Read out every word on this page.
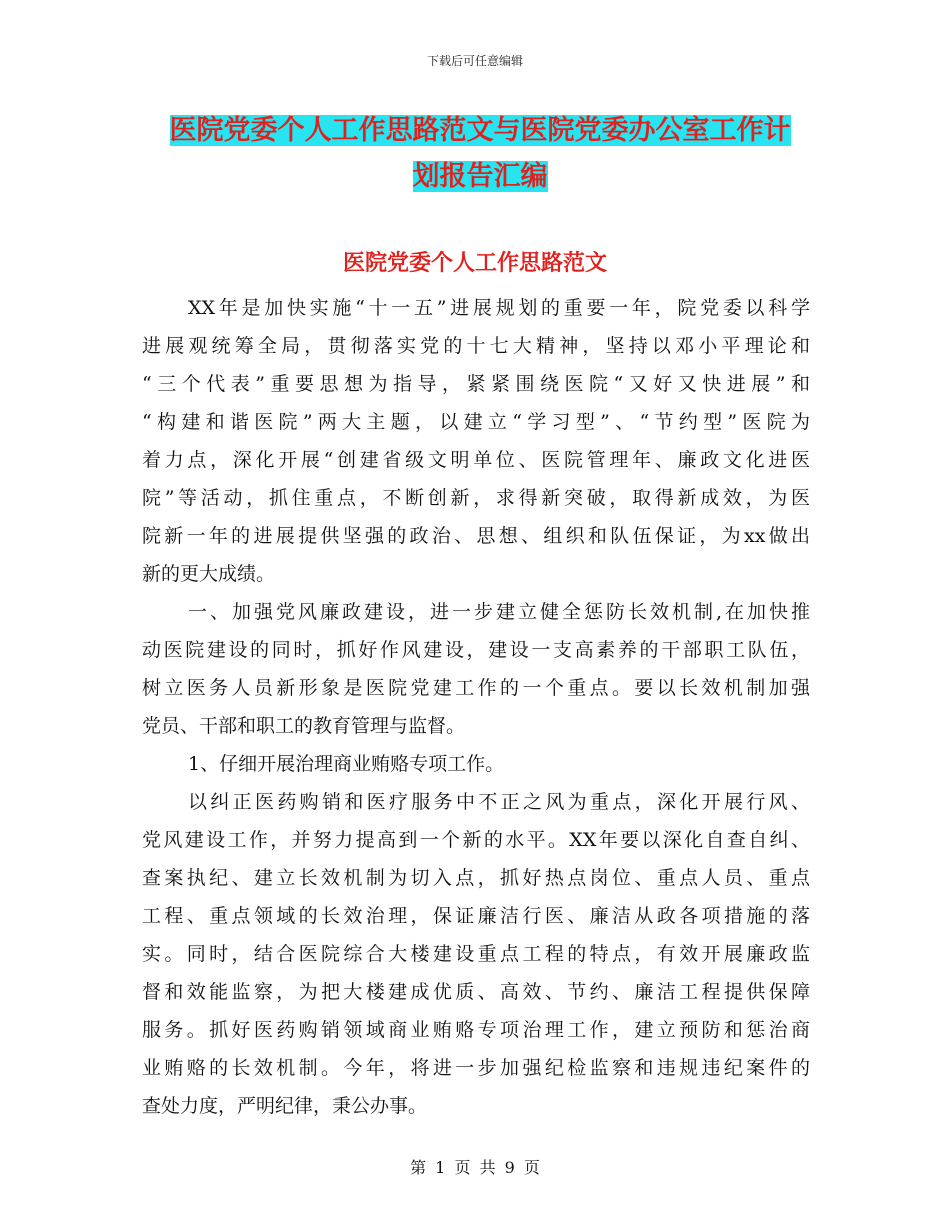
下载后可任意编辑
医院党委个人工作思路范文与医院党委办公室工作计
划报告汇编
医院党委个人工作思路范文
XX年是加快实施“十一五”进展规划的重要一年，院党委以科学
进展观统筹全局，贯彻落实党的十七大精神，坚持以邓小平理论和
“三个代表”重要思想为指导，紧紧围绕医院“又好又快进展”和
“构建和谐医院”两大主题，以建立“学习型”、“节约型”医院为
着力点，深化开展“创建省级文明单位、医院管理年、廉政文化进医
院”等活动，抓住重点，不断创新，求得新突破，取得新成效，为医
院新一年的进展提供坚强的政治、思想、组织和队伍保证，为xx做出
新的更大成绩。
一、加强党风廉政建设，进一步建立健全惩防长效机制,在加快推
动医院建设的同时，抓好作风建设，建设一支高素养的干部职工队伍，
树立医务人员新形象是医院党建工作的一个重点。要以长效机制加强
党员、干部和职工的教育管理与监督。
1、仔细开展治理商业贿赂专项工作。
以纠正医药购销和医疗服务中不正之风为重点，深化开展行风、
党风建设工作，并努力提高到一个新的水平。XX年要以深化自查自纠、
查案执纪、建立长效机制为切入点，抓好热点岗位、重点人员、重点
工程、重点领域的长效治理，保证廉洁行医、廉洁从政各项措施的落
实。同时，结合医院综合大楼建设重点工程的特点，有效开展廉政监
督和效能监察，为把大楼建成优质、高效、节约、廉洁工程提供保障
服务。抓好医药购销领域商业贿赂专项治理工作，建立预防和惩治商
业贿赂的长效机制。今年，将进一步加强纪检监察和违规违纪案件的
查处力度，严明纪律，秉公办事。
第 1 页 共 9 页
